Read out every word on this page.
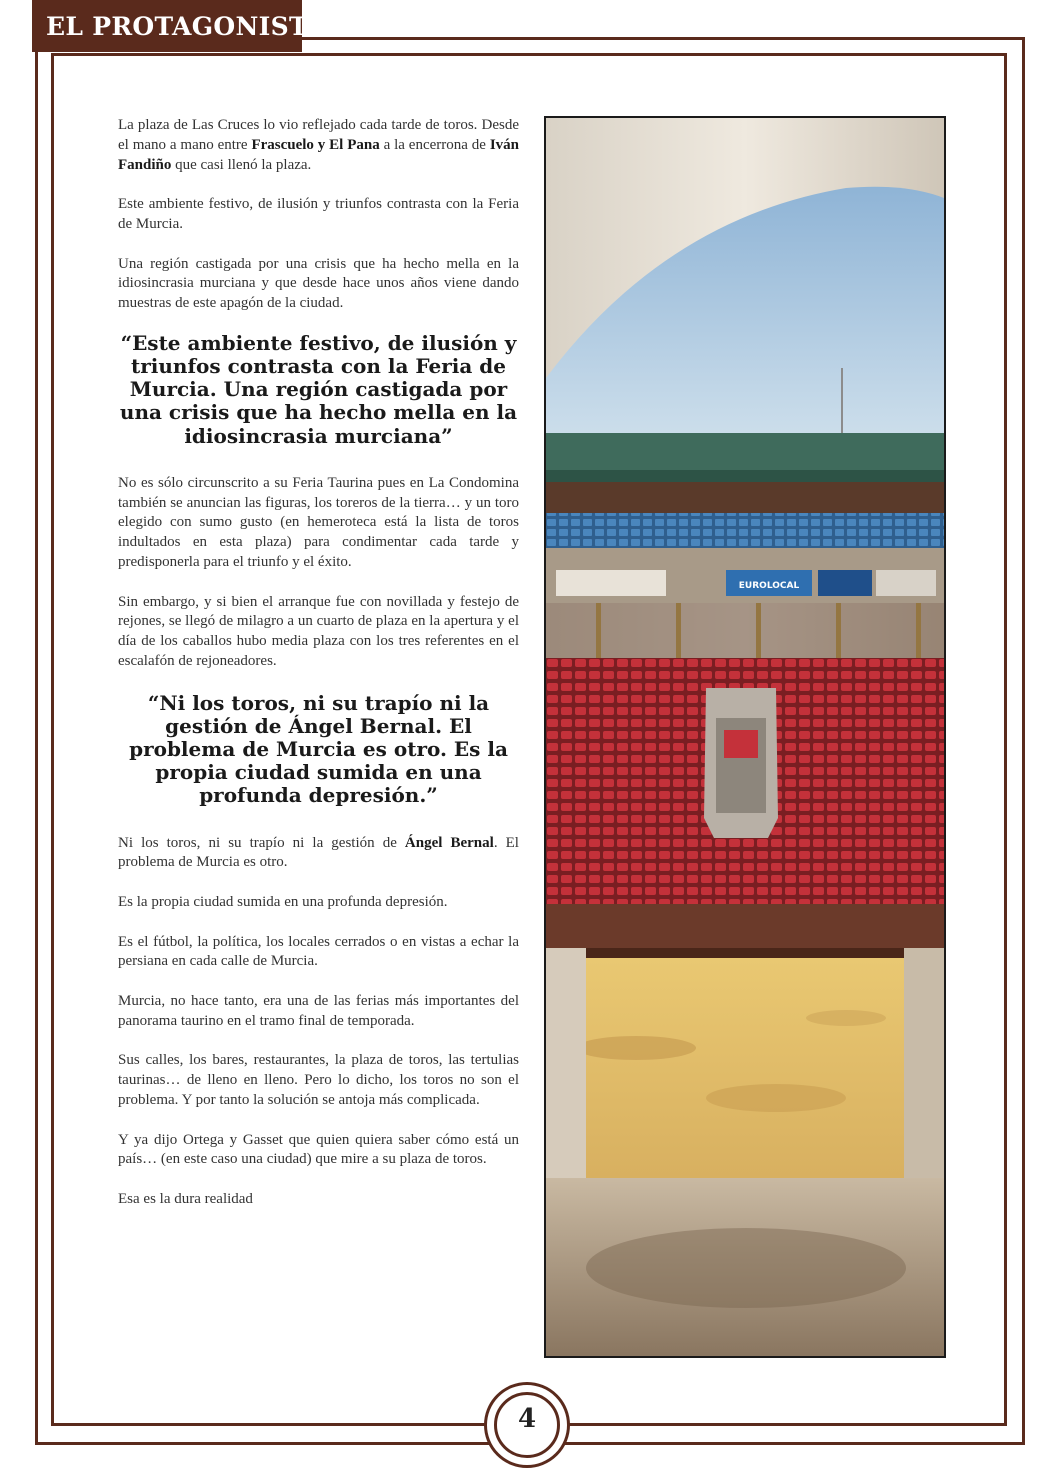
EL PROTAGONISTA

La plaza de Las Cruces lo vio reflejado cada tarde de toros. Desde el mano a mano entre Frascuelo y El Pana a la encerrona de Iván Fandiño que casi llenó la plaza.

Este ambiente festivo, de ilusión y triunfos contrasta con la Feria de Murcia.

Una región castigada por una crisis que ha hecho mella en la idiosincrasia murciana y que desde hace unos años viene dando muestras de este apagón de la ciudad.

“Este ambiente festivo, de ilusión y triunfos contrasta con la Feria de Murcia. Una región castigada por una crisis que ha hecho mella en la idiosincrasia murciana”

No es sólo circunscrito a su Feria Taurina pues en La Condomina también se anuncian las figuras, los toreros de la tierra… y un toro elegido con sumo gusto (en hemeroteca está la lista de toros indultados en esta plaza) para condimentar cada tarde y predisponerla para el triunfo y el éxito.

Sin embargo, y si bien el arranque fue con novillada y festejo de rejones, se llegó de milagro a un cuarto de plaza en la apertura y el día de los caballos hubo media plaza con los tres referentes en el escalafón de rejoneadores.

“Ni los toros, ni su trapío ni la gestión de Ángel Bernal. El problema de Murcia es otro. Es la propia ciudad sumida en una profunda depresión.”

Ni los toros, ni su trapío ni la gestión de Ángel Bernal. El problema de Murcia es otro.

Es la propia ciudad sumida en una profunda depresión.

Es el fútbol, la política, los locales cerrados o en vistas a echar la persiana en cada calle de Murcia.

Murcia, no hace tanto, era una de las ferias más importantes del panorama taurino en el tramo final de temporada.

Sus calles, los bares, restaurantes, la plaza de toros, las tertulias taurinas… de lleno en lleno. Pero lo dicho, los toros no son el problema. Y por tanto la solución se antoja más complicada.

Y ya dijo Ortega y Gasset que quien quiera saber cómo está un país… (en este caso una ciudad) que mire a su plaza de toros.

Esa es la dura realidad

EUROLOCAL
4
